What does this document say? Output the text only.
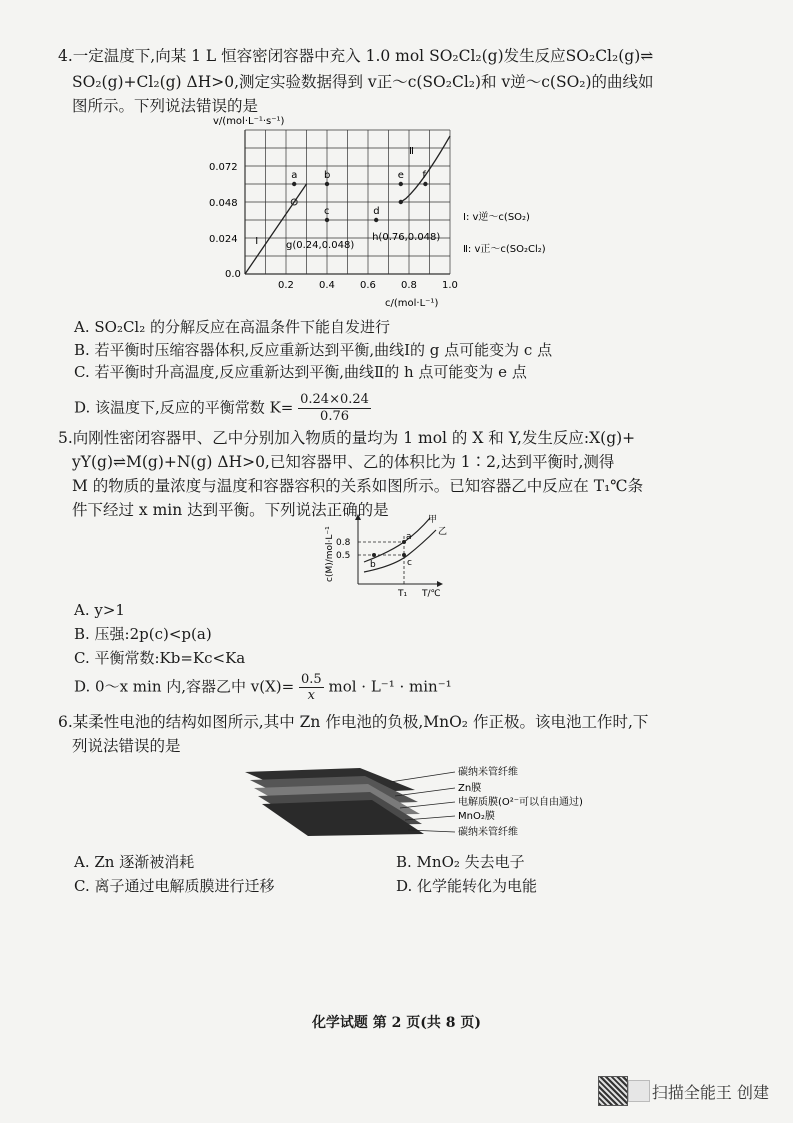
4.一定温度下,向某 1 L 恒容密闭容器中充入 1.0 mol SO₂Cl₂(g)发生反应SO₂Cl₂(g)⇌
SO₂(g)+Cl₂(g) ΔH>0,测定实验数据得到 v正～c(SO₂Cl₂)和 v逆～c(SO₂)的曲线如
图所示。下列说法错误的是
0.2	0.4	0.6	0.8	1.0
0.024
0.048
0.072
Ⅰ
Ⅱ
a	b
c	d
e f
g(0.24,0.048)
h(0.76,0.048)
v/(mol·L⁻¹·s⁻¹)
c/(mol·L⁻¹)
0.0
Ⅰ: v逆～c(SO₂)
Ⅱ: v正～c(SO₂Cl₂)
A. SO₂Cl₂ 的分解反应在高温条件下能自发进行
B. 若平衡时压缩容器体积,反应重新达到平衡,曲线Ⅰ的 g 点可能变为 c 点
C. 若平衡时升高温度,反应重新达到平衡,曲线Ⅱ的 h 点可能变为 e 点
D. 该温度下,反应的平衡常数 $K= \frac{0.24\times 0.24}{0.76}$
5.向刚性密闭容器甲、乙中分别加入物质的量均为 1 mol 的 X 和 Y,发生反应:X(g)+
yY(g)⇌M(g)+N(g) ΔH>0,已知容器甲、乙的体积比为 1∶2,达到平衡时,测得
M 的物质的量浓度与温度和容器容积的关系如图所示。已知容器乙中反应在 T₁℃条
件下经过 x min 达到平衡。下列说法正确的是
c(M)/mol·L⁻¹ 0.8
0.5
a
b	c
甲
乙
T₁ T/℃
A. y>1
B. 压强:2p(c)<p(a)
C. 平衡常数:Kb=Kc<Ka
D. 0～x min 内,容器乙中 $v(X)= \frac{0.5}{x}$ mol · L⁻¹ · min⁻¹
6.某柔性电池的结构如图所示,其中 Zn 作电池的负极,MnO₂ 作正极。该电池工作时,下
列说法错误的是
碳纳米管纤维
Zn膜
电解质膜(O²⁻可以自由通过)
MnO₂膜
碳纳米管纤维
A. Zn 逐渐被消耗	B. MnO₂ 失去电子
C. 离子通过电解质膜进行迁移	D. 化学能转化为电能
化学试题 第 2 页(共 8 页)
扫描全能王 创建
